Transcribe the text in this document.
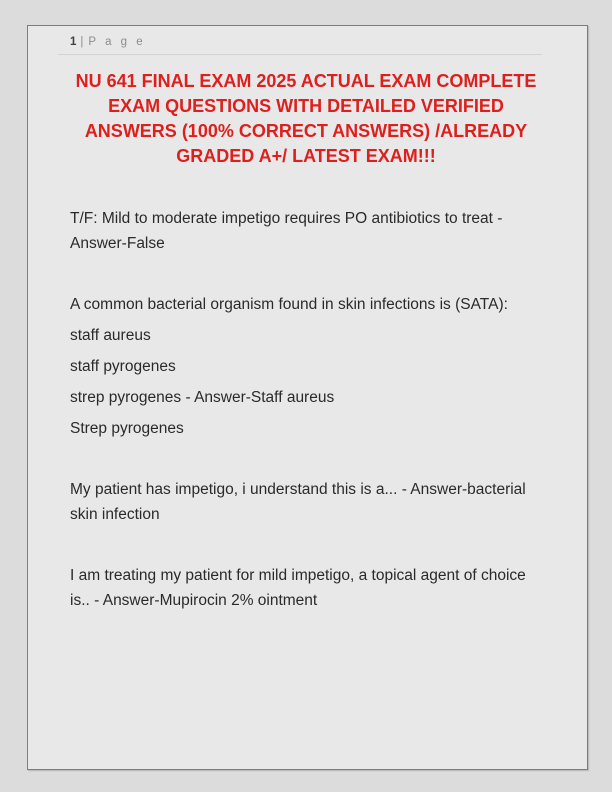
1 | P a g e
NU 641 FINAL EXAM 2025 ACTUAL EXAM COMPLETE
EXAM QUESTIONS WITH DETAILED VERIFIED
ANSWERS (100% CORRECT ANSWERS) /ALREADY
GRADED A+/ LATEST EXAM!!!

T/F: Mild to moderate impetigo requires PO antibiotics to treat - Answer-False

A common bacterial organism found in skin infections is (SATA):

staff aureus

staff pyrogenes

strep pyrogenes - Answer-Staff aureus

Strep pyrogenes

My patient has impetigo, i understand this is a... - Answer-bacterial skin infection

I am treating my patient for mild impetigo, a topical agent of choice is.. - Answer-Mupirocin 2% ointment
